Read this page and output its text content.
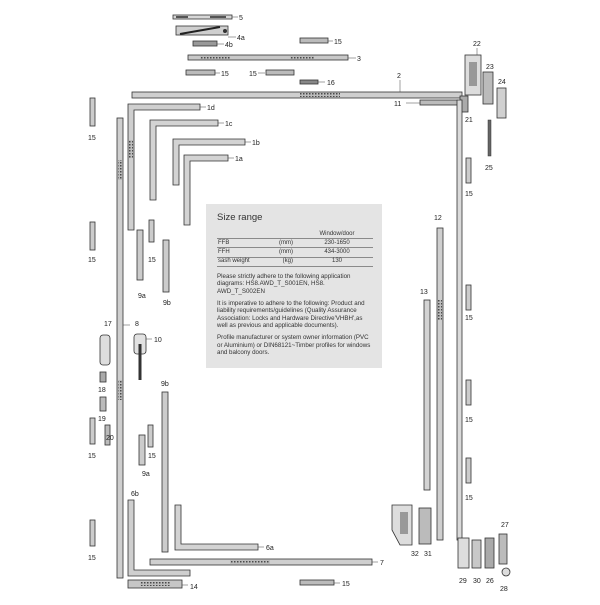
5
4a
4b	15
3
15	15
16
2
22
23
24
21
25
11
1d
1c
1b
1a
15
15
15
15
8
17
18
19
20
10
9a
15
9b
9b
9a
15
6b
6a
7
14	15
12
13
15
15
15
15
32 31
29 30 26
27
28
Size range
		Window/door
FFB	(mm)	230-1650
FFH	(mm)	434-3000
sash weight	(kg)	130

Please strictly adhere to the following application diagrams: HS8.AWD_T_S001EN, HS8. AWD_T_S002EN

It is imperative to adhere to the following: Product and liability requirements/guidelines (Quality Assurance Association: Locks and Hardware Directive'VHBH',as well as previous and applicable documents).

Profile manufacturer or system owner information (PVC or Aluminium) or DIN68121~Timber profiles for windows and balcony doors.
